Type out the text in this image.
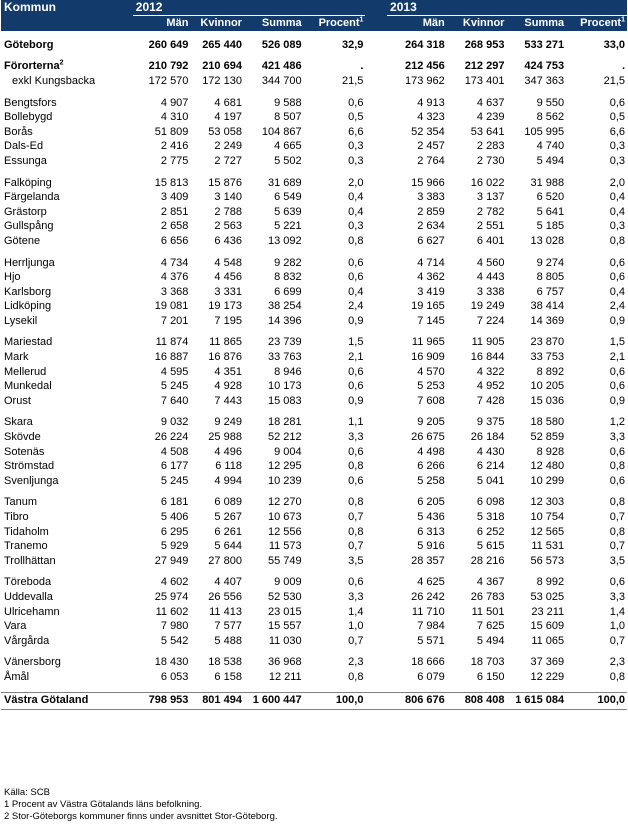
Kommun	2012					2013			
	Män	Kvinnor	Summa	Procent$^1$		Män	Kvinnor	Summa	Procent$^1$

Göteborg	260 649	265 440	526 089	32,9		264 318	268 953	533 271	33,0

Förorterna$^2$	210 792	210 694	421 486	.		212 456	212 297	424 753	.
exkl Kungsbacka	172 570	172 130	344 700	21,5		173 962	173 401	347 363	21,5

Bengtsfors	4 907	4 681	9 588	0,6		4 913	4 637	9 550	0,6
Bollebygd	4 310	4 197	8 507	0,5		4 323	4 239	8 562	0,5
Borås	51 809	53 058	104 867	6,6		52 354	53 641	105 995	6,6
Dals-Ed	2 416	2 249	4 665	0,3		2 457	2 283	4 740	0,3
Essunga	2 775	2 727	5 502	0,3		2 764	2 730	5 494	0,3

Falköping	15 813	15 876	31 689	2,0		15 966	16 022	31 988	2,0
Färgelanda	3 409	3 140	6 549	0,4		3 383	3 137	6 520	0,4
Grästorp	2 851	2 788	5 639	0,4		2 859	2 782	5 641	0,4
Gullspång	2 658	2 563	5 221	0,3		2 634	2 551	5 185	0,3
Götene	6 656	6 436	13 092	0,8		6 627	6 401	13 028	0,8

Herrljunga	4 734	4 548	9 282	0,6		4 714	4 560	9 274	0,6
Hjo	4 376	4 456	8 832	0,6		4 362	4 443	8 805	0,6
Karlsborg	3 368	3 331	6 699	0,4		3 419	3 338	6 757	0,4
Lidköping	19 081	19 173	38 254	2,4		19 165	19 249	38 414	2,4
Lysekil	7 201	7 195	14 396	0,9		7 145	7 224	14 369	0,9

Mariestad	11 874	11 865	23 739	1,5		11 965	11 905	23 870	1,5
Mark	16 887	16 876	33 763	2,1		16 909	16 844	33 753	2,1
Mellerud	4 595	4 351	8 946	0,6		4 570	4 322	8 892	0,6
Munkedal	5 245	4 928	10 173	0,6		5 253	4 952	10 205	0,6
Orust	7 640	7 443	15 083	0,9		7 608	7 428	15 036	0,9

Skara	9 032	9 249	18 281	1,1		9 205	9 375	18 580	1,2
Skövde	26 224	25 988	52 212	3,3		26 675	26 184	52 859	3,3
Sotenäs	4 508	4 496	9 004	0,6		4 498	4 430	8 928	0,6
Strömstad	6 177	6 118	12 295	0,8		6 266	6 214	12 480	0,8
Svenljunga	5 245	4 994	10 239	0,6		5 258	5 041	10 299	0,6

Tanum	6 181	6 089	12 270	0,8		6 205	6 098	12 303	0,8
Tibro	5 406	5 267	10 673	0,7		5 436	5 318	10 754	0,7
Tidaholm	6 295	6 261	12 556	0,8		6 313	6 252	12 565	0,8
Tranemo	5 929	5 644	11 573	0,7		5 916	5 615	11 531	0,7
Trollhättan	27 949	27 800	55 749	3,5		28 357	28 216	56 573	3,5

Töreboda	4 602	4 407	9 009	0,6		4 625	4 367	8 992	0,6
Uddevalla	25 974	26 556	52 530	3,3		26 242	26 783	53 025	3,3
Ulricehamn	11 602	11 413	23 015	1,4		11 710	11 501	23 211	1,4
Vara	7 980	7 577	15 557	1,0		7 984	7 625	15 609	1,0
Vårgårda	5 542	5 488	11 030	0,7		5 571	5 494	11 065	0,7

Vänersborg	18 430	18 538	36 968	2,3		18 666	18 703	37 369	2,3
Åmål	6 053	6 158	12 211	0,8		6 079	6 150	12 229	0,8

Västra Götaland	798 953	801 494	1 600 447	100,0		806 676	808 408	1 615 084	100,0
Källa: SCB
1 Procent av Västra Götalands läns befolkning.
2 Stor-Göteborgs kommuner finns under avsnittet Stor-Göteborg.
